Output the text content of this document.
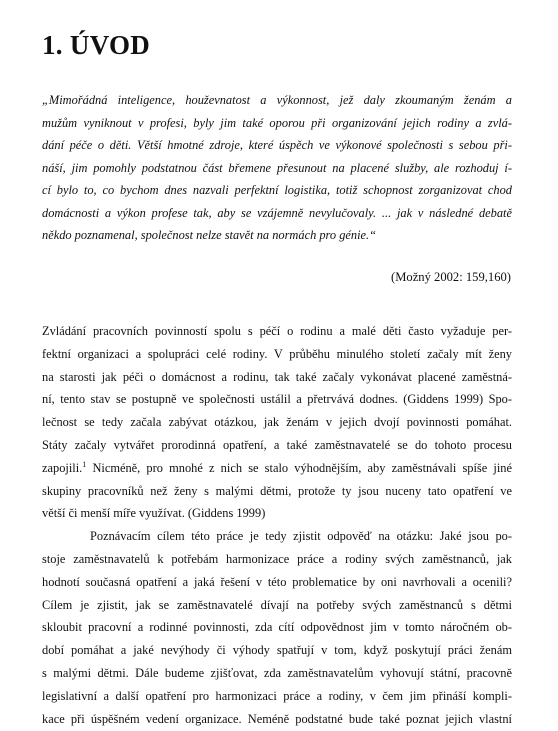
1. ÚVOD
„Mimořádná inteligence, houževnatost a výkonnost, jež daly zkoumaným ženám a
mužům vyniknout v profesi, byly jim také oporou při organizování jejich rodiny a zvlá-
dání péče o děti. Větší hmotné zdroje, které úspěch ve výkonové společnosti s sebou při-
náší, jim pomohly podstatnou část břemene přesunout na placené služby, ale rozhoduj í-
cí bylo to, co bychom dnes nazvali perfektní logistika, totiž schopnost zorganizovat chod
domácnosti a výkon profese tak, aby se vzájemně nevylučovaly. ... jak v následné debatě
někdo poznamenal, společnost nelze stavět na normách pro génie.“
(Možný 2002: 159,160)
Zvládání pracovních povinností spolu s péčí o rodinu a malé děti často vyžaduje per-
fektní organizaci a spolupráci celé rodiny. V průběhu minulého století začaly mít ženy
na starosti jak péči o domácnost a rodinu, tak také začaly vykonávat placené zaměstná-
ní, tento stav se postupně ve společnosti ustálil a přetrvává dodnes. (Giddens 1999) Spo-
lečnost se tedy začala zabývat otázkou, jak ženám v jejich dvojí povinnosti pomáhat.
Státy začaly vytvářet prorodinná opatření, a také zaměstnavatelé se do tohoto procesu
zapojili.$^1$ Nicméně, pro mnohé z nich se stalo výhodnějším, aby zaměstnávali spíše jiné
skupiny pracovníků než ženy s malými dětmi, protože ty jsou nuceny tato opatření ve
větší či menší míře využívat. (Giddens 1999)
Poznávacím cílem této práce je tedy zjistit odpověď na otázku: Jaké jsou po-
stoje zaměstnavatelů k potřebám harmonizace práce a rodiny svých zaměstnanců, jak
hodnotí současná opatření a jaká řešení v této problematice by oni navrhovali a ocenili?
Cílem je zjistit, jak se zaměstnavatelé dívají na potřeby svých zaměstnanců s dětmi
skloubit pracovní a rodinné povinnosti, zda cítí odpovědnost jim v tomto náročném ob-
dobí pomáhat a jaké nevýhody či výhody spatřují v tom, když poskytují práci ženám
s malými dětmi. Dále budeme zjišťovat, zda zaměstnavatelům vyhovují státní, pracovně
legislativní a další opatření pro harmonizaci práce a rodiny, v čem jim přináší kompli-
kace při úspěšném vedení organizace. Neméně podstatné bude také poznat jejich vlastní
